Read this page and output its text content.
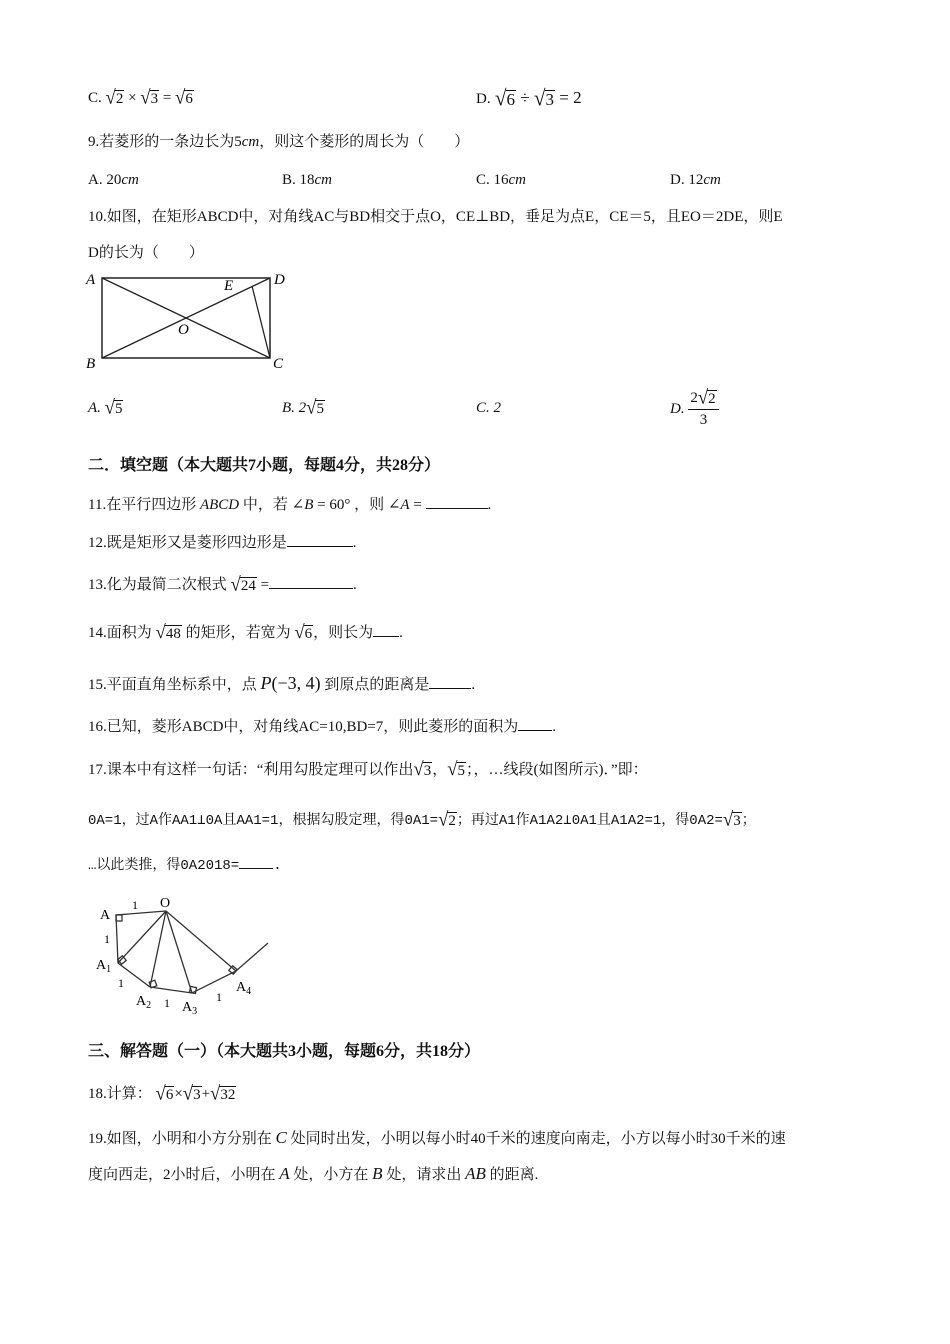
C. √2 × √3 = √6	D. √6 ÷ √3 = 2
9.若菱形的一条边长为5cm，则这个菱形的周长为（　　）
A. 20cm	B. 18cm	C. 16cm	D. 12cm
10.如图，在矩形ABCD中，对角线AC与BD相交于点O，CE⊥BD，垂足为点E，CE＝5，且EO＝2DE，则E
D的长为（　　）
A	D
E
O
B	C
A. √5	B. 2√5	C. 2	D. $\frac{2√2}{3}$
二．填空题（本大题共7小题，每题4分，共28分）
11.在平行四边形 ABCD 中，若 ∠B = 60° ，则 ∠A =	.
12.既是矩形又是菱形四边形是	.
13.化为最简二次根式 √24 =	.
14.面积为 √48 的矩形，若宽为 √6，则长为 .
15.平面直角坐标系中，点 P(−3, 4) 到原点的距离是	.
16.已知，菱形ABCD中，对角线AC=10,BD=7，则此菱形的面积为 .
17.课本中有这样一句话：“利用勾股定理可以作出√3，√5；，…线段(如图所示)．”即：
0A=1，过A作AA1⊥0A且AA1=1，根据勾股定理，得0A1=√2；再过A1作A1A2⊥0A1且A1A2=1，得0A2=√3；
…以此类推，得0A2018= .
O
A
1
1
$A_1$
1
$A_2$ 1 $A_3$
1
$A_4$
三、解答题（一）（本大题共3小题，每题6分，共18分）
18.计算： √6×√3+√32
19.如图，小明和小方分别在 C 处同时出发，小明以每小时40千米的速度向南走，小方以每小时30千米的速
度向西走，2小时后，小明在 A 处，小方在 B 处，请求出 AB 的距离.
